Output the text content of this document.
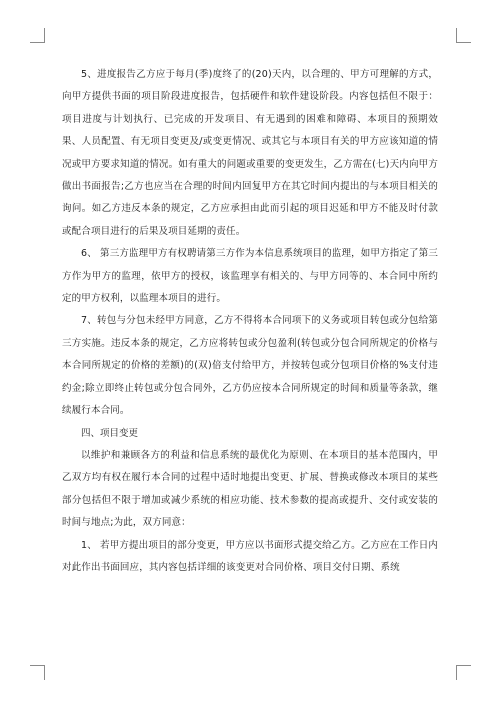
5、进度报告乙方应于每月(季)度终了的(20)天内，以合理的、甲方可理解的方式，向甲方提供书面的项目阶段进度报告，包括硬件和软件建设阶段。内容包括但不限于：项目进度与计划执行、已完成的开发项目、有无遇到的困难和障碍、本项目的预期效果、人员配置、有无项目变更及/或变更情况、或其它与本项目有关的甲方应该知道的情况或甲方要求知道的情况。如有重大的问题或重要的变更发生，乙方需在(七)天内向甲方做出书面报告;乙方也应当在合理的时间内回复甲方在其它时间内提出的与本项目相关的询问。如乙方违反本条的规定，乙方应承担由此而引起的项目迟延和甲方不能及时付款或配合项目进行的后果及项目延期的责任。

6、 第三方监理甲方有权聘请第三方作为本信息系统项目的监理，如甲方指定了第三方作为甲方的监理，依甲方的授权，该监理享有相关的、与甲方同等的、本合同中所约定的甲方权利，以监理本项目的进行。

7、转包与分包未经甲方同意，乙方不得将本合同项下的义务或项目转包或分包给第三方实施。违反本条的规定，乙方应将转包或分包盈利(转包或分包合同所规定的价格与本合同所规定的价格的差额)的(双)倍支付给甲方，并按转包或分包项目价格的%支付违约金;除立即终止转包或分包合同外，乙方仍应按本合同所规定的时间和质量等条款，继续履行本合同。

四、项目变更

以维护和兼顾各方的利益和信息系统的最优化为原则、在本项目的基本范围内，甲乙双方均有权在履行本合同的过程中适时地提出变更、扩展、替换或修改本项目的某些部分包括但不限于增加或减少系统的相应功能、技术参数的提高或提升、交付或安装的时间与地点;为此，双方同意：

1、 若甲方提出项目的部分变更，甲方应以书面形式提交给乙方。乙方应在工作日内对此作出书面回应，其内容包括详细的该变更对合同价格、项目交付日期、系统
